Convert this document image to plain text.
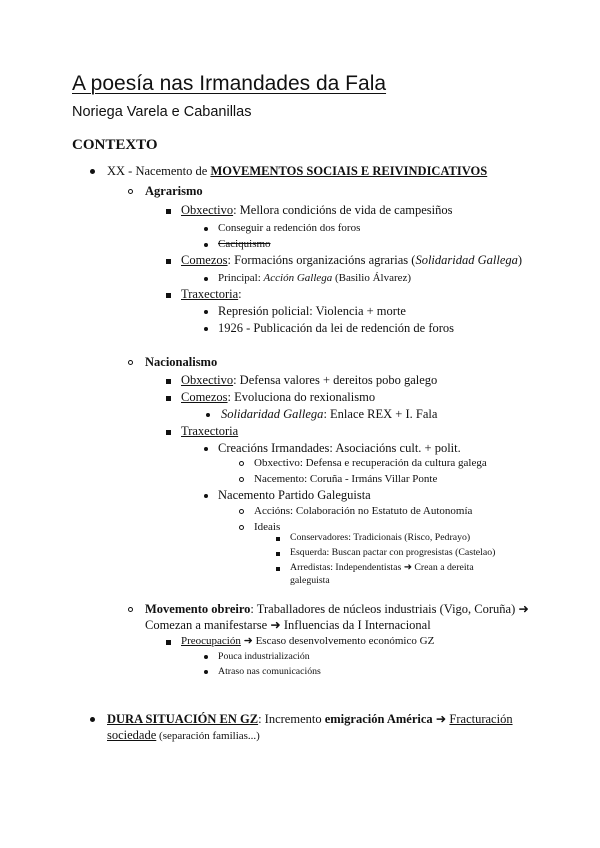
A poesía nas Irmandades da Fala
Noriega Varela e Cabanillas
CONTEXTO
XX - Nacemento de MOVEMENTOS SOCIAIS E REIVINDICATIVOS
Agrarismo
Obxectivo: Mellora condicións de vida de campesiños
Conseguir a redención dos foros
Caciquismo
Comezos: Formacións organizacións agrarias (Solidaridad Gallega)
Principal: Acción Gallega (Basilio Álvarez)
Traxectoria:
Represión policial: Violencia + morte
1926 - Publicación da lei de redención de foros
Nacionalismo
Obxectivo: Defensa valores + dereitos pobo galego
Comezos: Evoluciona do rexionalismo
Solidaridad Gallega: Enlace REX + I. Fala
Traxectoria
Creacións Irmandades: Asociacións cult. + polit.
Obxectivo: Defensa e recuperación da cultura galega
Nacemento: Coruña - Irmáns Villar Ponte
Nacemento Partido Galeguista
Accións: Colaboración no Estatuto de Autonomía
Ideais
Conservadores: Tradicionais (Risco, Pedrayo)
Esquerda: Buscan pactar con progresistas (Castelao)
Arredistas: Independentistas ➜ Crean a dereita
galeguista
Movemento obreiro: Traballadores de núcleos industriais (Vigo, Coruña) ➜
Comezan a manifestarse ➜ Influencias da I Internacional
Preocupación ➜ Escaso desenvolvemento económico GZ
Pouca industrialización
Atraso nas comunicacións
DURA SITUACIÓN EN GZ: Incremento emigración América ➜ Fracturación
sociedade (separación familias...)
